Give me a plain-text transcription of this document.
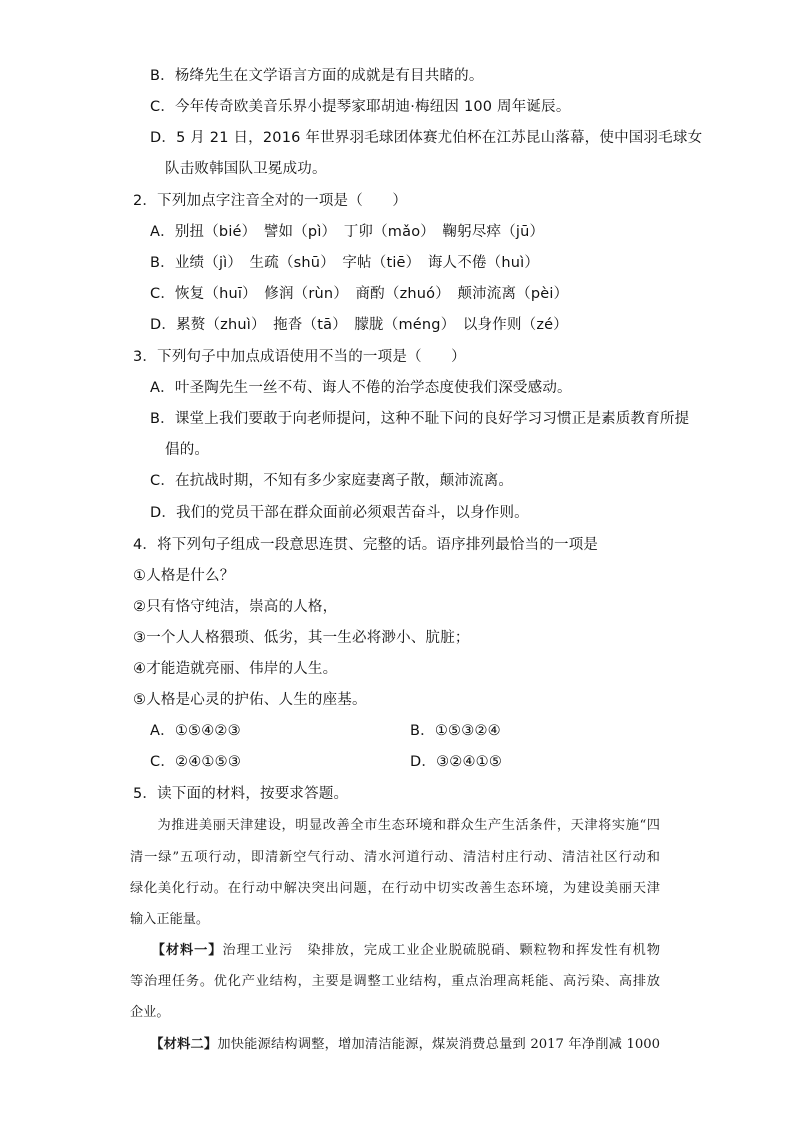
B．杨绛先生在文学语言方面的成就是有目共睹的。
C．今年传奇欧美音乐界小提琴家耶胡迪·梅纽因 100 周年诞辰。
D．5 月 21 日，2016 年世界羽毛球团体赛尤伯杯在江苏昆山落幕，使中国羽毛球女
队击败韩国队卫冕成功。
2．下列加点字注音全对的一项是（　　）
A．别扭（bié）　譬如（pì）　丁卯（mǎo）　鞠躬尽瘁（jū）
B．业绩（jì）　生疏（shū）　字帖（tiē）　诲人不倦（huì）
C．恢复（huī）　修润（rùn）　商酌（zhuó）　颠沛流离（pèi）
D．累赘（zhuì）　拖沓（tā）　朦胧（méng）　以身作则（zé）
3．下列句子中加点成语使用不当的一项是（　　）
A．叶圣陶先生一丝不苟、诲人不倦的治学态度使我们深受感动。
B．课堂上我们要敢于向老师提问，这种不耻下问的良好学习习惯正是素质教育所提
倡的。
C．在抗战时期，不知有多少家庭妻离子散，颠沛流离。
D．我们的党员干部在群众面前必须艰苦奋斗，以身作则。
4．将下列句子组成一段意思连贯、完整的话。语序排列最恰当的一项是
①人格是什么？
②只有恪守纯洁，崇高的人格，
③一个人人格猥琐、低劣，其一生必将渺小、肮脏；
④才能造就亮丽、伟岸的人生。
⑤人格是心灵的护佑、人生的座基。
A．①⑤④②③	B．①⑤③②④
C．②④①⑤③	D．③②④①⑤
5．读下面的材料，按要求答题。
　　为推进美丽天津建设，明显改善全市生态环境和群众生产生活条件，天津将实施“四
清一绿”五项行动，即清新空气行动、清水河道行动、清洁村庄行动、清洁社区行动和
绿化美化行动。在行动中解决突出问题，在行动中切实改善生态环境，为建设美丽天津
输入正能量。
　　【材料一】治理工业污　染排放，完成工业企业脱硫脱硝、颗粒物和挥发性有机物
等治理任务。优化产业结构，主要是调整工业结构，重点治理高耗能、高污染、高排放
企业。
　　【材料二】加快能源结构调整，增加清洁能源，煤炭消费总量到 2017 年净削减 1000
